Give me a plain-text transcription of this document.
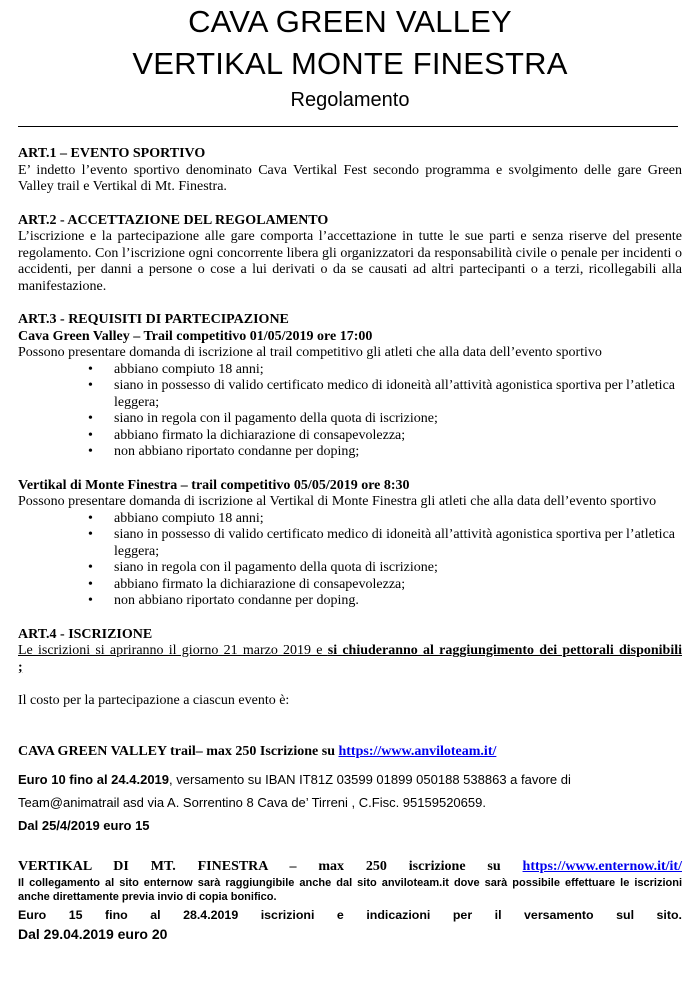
CAVA GREEN VALLEY
VERTIKAL MONTE FINESTRA
Regolamento

ART.1 – EVENTO SPORTIVO

E’ indetto l’evento sportivo denominato Cava Vertikal Fest secondo programma e svolgimento delle gare Green Valley trail e Vertikal di Mt. Finestra.

ART.2 - ACCETTAZIONE DEL REGOLAMENTO

L’iscrizione e la partecipazione alle gare comporta l’accettazione in tutte le sue parti e senza riserve del presente regolamento. Con l’iscrizione ogni concorrente libera gli organizzatori da responsabilità civile o penale per incidenti o accidenti, per danni a persone o cose a lui derivati o da se causati ad altri partecipanti o a terzi, ricollegabili alla manifestazione.

ART.3 - REQUISITI DI PARTECIPAZIONE

Cava Green Valley – Trail competitivo 01/05/2019 ore 17:00

Possono presentare domanda di iscrizione al trail competitivo gli atleti che alla data dell’evento sportivo

• abbiano compiuto 18 anni;
• siano in possesso di valido certificato medico di idoneità all’attività agonistica sportiva per l’atletica leggera;
• siano in regola con il pagamento della quota di iscrizione;
• abbiano firmato la dichiarazione di consapevolezza;
• non abbiano riportato condanne per doping;

Vertikal di Monte Finestra – trail competitivo 05/05/2019 ore 8:30

Possono presentare domanda di iscrizione al Vertikal di Monte Finestra gli atleti che alla data dell’evento sportivo

• abbiano compiuto 18 anni;
• siano in possesso di valido certificato medico di idoneità all’attività agonistica sportiva per l’atletica leggera;
• siano in regola con il pagamento della quota di iscrizione;
• abbiano firmato la dichiarazione di consapevolezza;
• non abbiano riportato condanne per doping.

ART.4 - ISCRIZIONE

Le iscrizioni si apriranno il giorno 21 marzo 2019 e si chiuderanno al raggiungimento dei pettorali disponibili

;

Il costo per la partecipazione a ciascun evento è:

CAVA GREEN VALLEY trail– max 250 Iscrizione su https://www.anviloteam.it/

Euro 10 fino al 24.4.2019, versamento su IBAN IT81Z 03599 01899 050188 538863 a favore di

Team@animatrail asd via A. Sorrentino 8 Cava de’ Tirreni , C.Fisc. 95159520659.

Dal 25/4/2019 euro 15

VERTIKAL DI MT. FINESTRA – max 250 iscrizione su https://www.enternow.it/it/

Il collegamento al sito enternow sarà raggiungibile anche dal sito anviloteam.it dove sarà possibile effettuare le iscrizioni anche direttamente previa invio di copia bonifico.

Euro 15 fino al 28.4.2019 iscrizioni e indicazioni per il versamento sul sito.

Dal 29.04.2019 euro 20
